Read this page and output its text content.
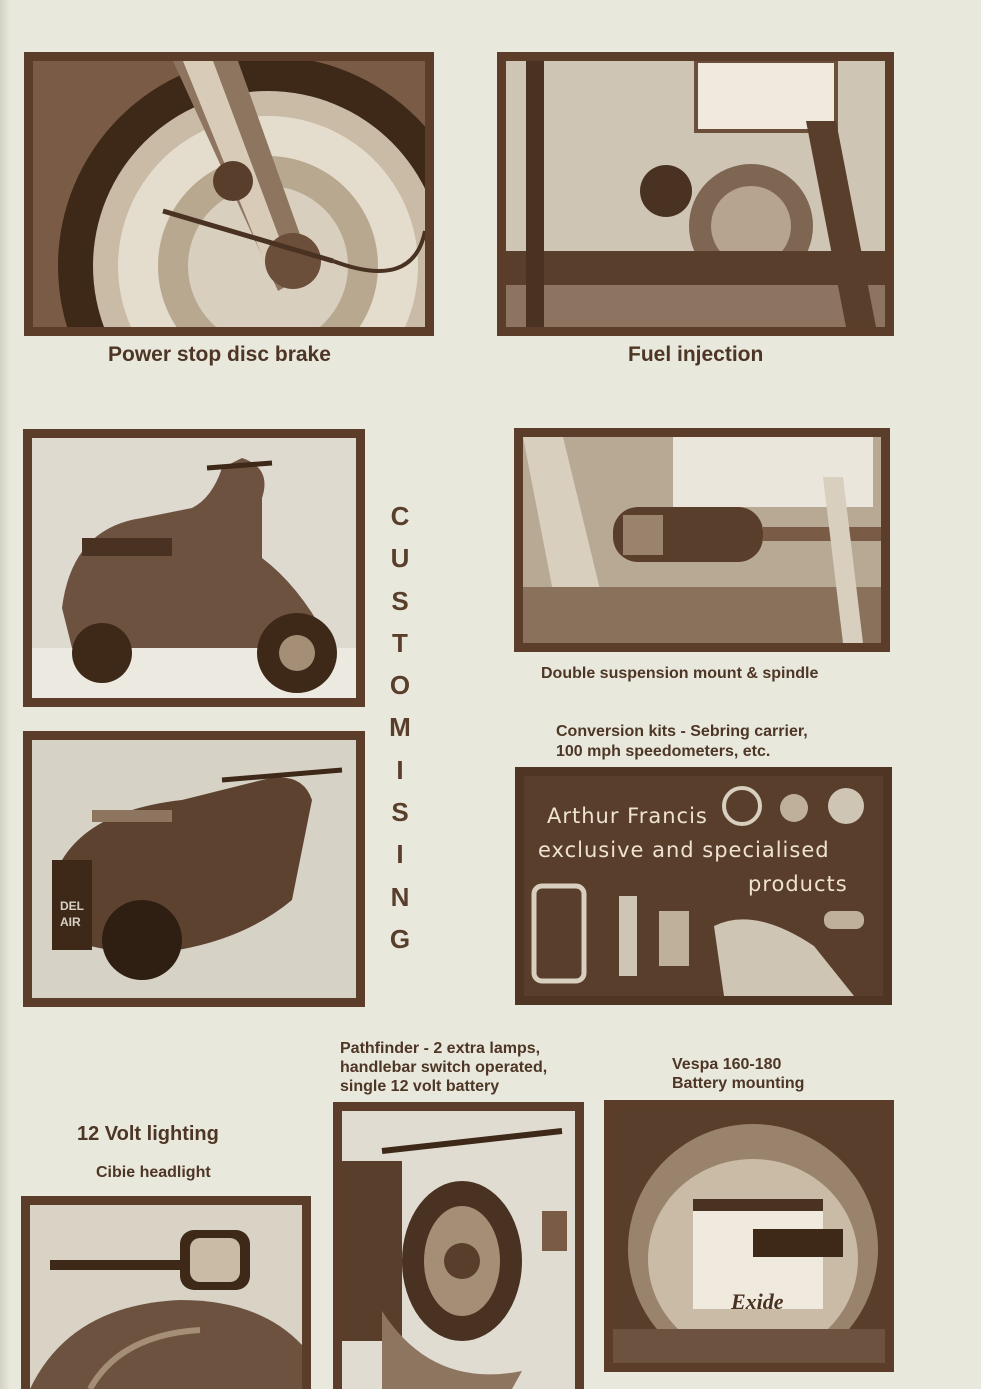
Power stop disc brake	Fuel injection
DEL
AIR
C
U
S
T
O
M
I
S
I
N
G
Double suspension mount & spindle
Conversion kits - Sebring carrier,
100 mph speedometers, etc.
Arthur Francis
exclusive and specialised
products
Pathfinder - 2 extra lamps,
handlebar switch operated,
single 12 volt battery
Vespa 160-180
Battery mounting
12 Volt lighting
Cibie headlight
Exide
